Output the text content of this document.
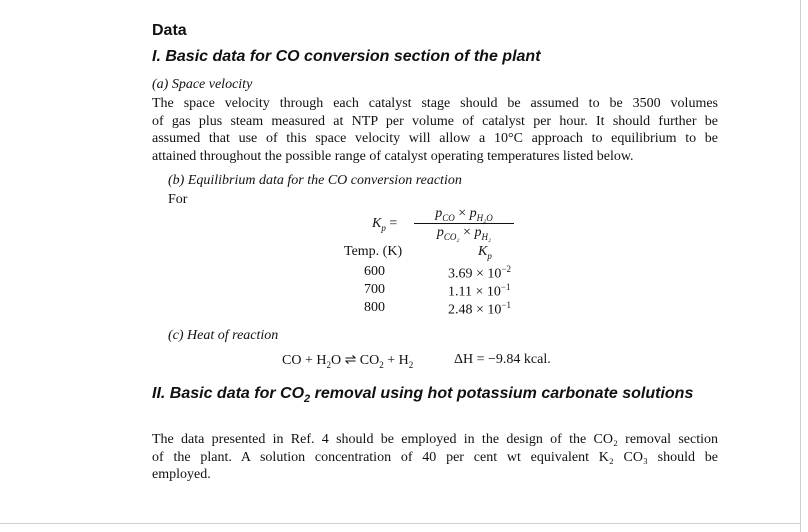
Data
I. Basic data for CO conversion section of the plant
(a) Space velocity
The space velocity through each catalyst stage should be assumed to be 3500 volumes
of gas plus steam measured at NTP per volume of catalyst per hour. It should further be
assumed that use of this space velocity will allow a 10°C approach to equilibrium to be
attained throughout the possible range of catalyst operating temperatures listed below.
(b) Equilibrium data for the CO conversion reaction
For
$K_p$ =
$p_{CO} \times p_{H_2O}$
$p_{CO_2} \times p_{H_2}$
Temp. (K)	$K_p$
600	$3.69 \times 10^{-2}$
700	$1.11 \times 10^{-1}$
800	$2.48 \times 10^{-1}$
(c) Heat of reaction
CO + $H_2O$ ⇌ $CO_2 + H_2$	ΔH = −9.84 kcal.
II. Basic data for $CO_2$ removal using hot potassium carbonate solutions
The data presented in Ref. 4 should be employed in the design of the CO₂ removal section
of the plant. A solution concentration of 40 per cent wt equivalent K₂ CO₃ should be
employed.
